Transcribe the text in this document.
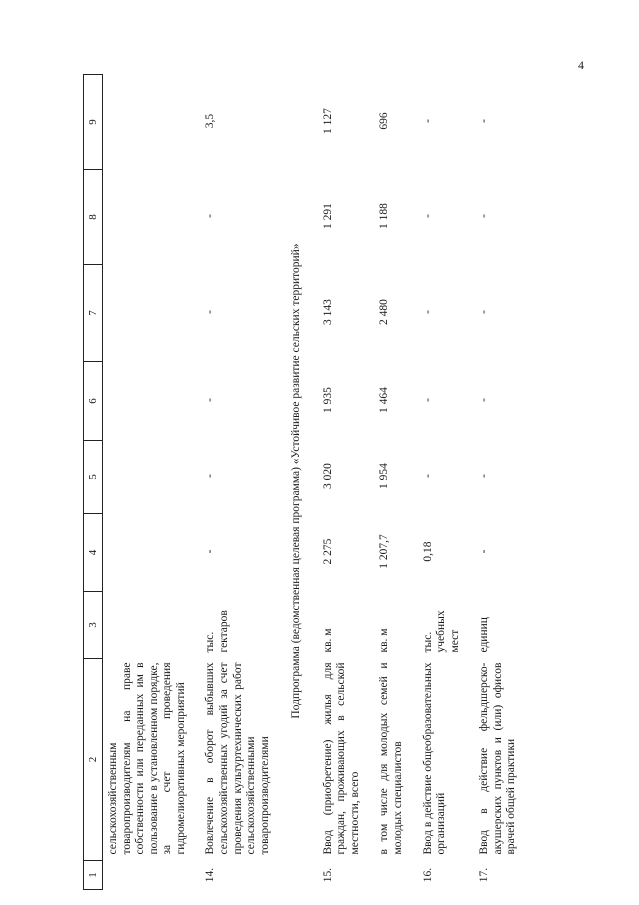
4
1	2	3	4	5	6	7	8	9
	сельскохозяйственным товаропроизводителям на праве собственности или переданных им в пользование в установленном порядке, за счет проведения гидромелиоративных мероприятий							
14.	Вовлечение в оборот выбывших сельскохозяйственных угодий за счет проведения культуртехнических работ сельскохозяйственными товаропроизводителями	тыс. гектаров	-	-	-	-	-	3,5
Подпрограмма (ведомственная целевая программа) «Устойчивое развитие сельских территорий»								
15.	Ввод (приобретение) жилья для граждан, проживающих в сельской местности, всего	кв. м	2 275	3 020	1 935	3 143	1 291	1 127
	в том числе для молодых семей и молодых специалистов	кв. м	1 207,7	1 954	1 464	2 480	1 188	696
16.	Ввод в действие общеобразовательных организаций	тыс. учебных мест	0,18	-	-	-	-	-
17.	Ввод в действие фельдшерско-акушерских пунктов и (или) офисов врачей общей практики	единиц	-	-	-	-	-	-
